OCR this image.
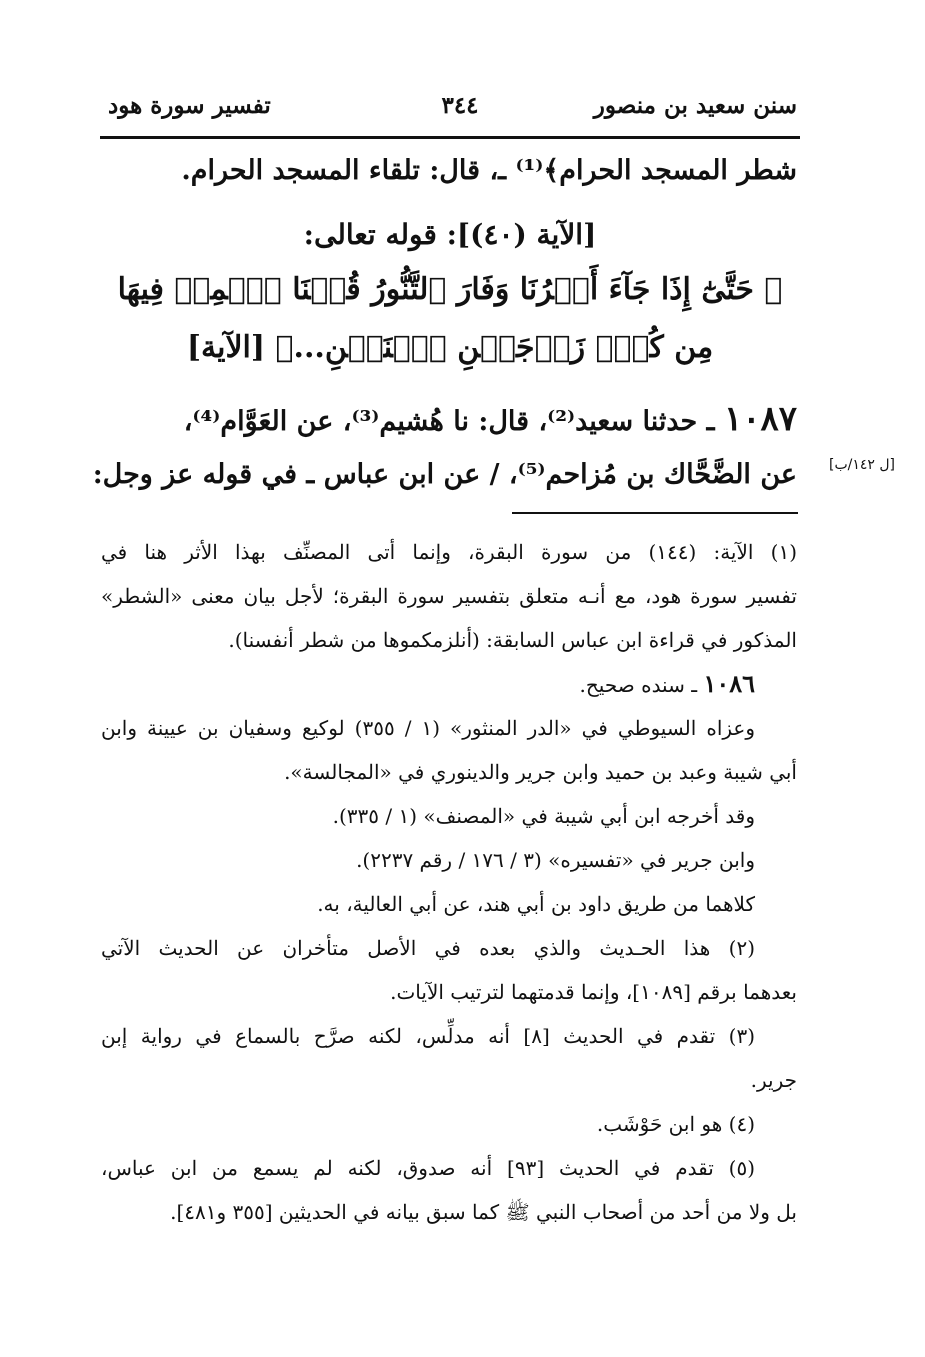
سنن سعيد بن منصور
٣٤٤
تفسير سورة هود
شطر المسجد الحرام﴾⁽¹⁾ ـ، قال: تلقاء المسجد الحرام.
[الآية (٤٠)]: قوله تعالى:
﴿ حَتَّىٰٓ إِذَا جَآءَ أَمۡرُنَا وَفَارَ ٱلتَّنُّورُ قُلۡنَا ٱحۡمِلۡ فِيهَا
مِن كُلّٖ زَوۡجَيۡنِ ٱثۡنَيۡنِ...﴾ [الآية]
١٠٨٧ ـ حدثنا سعيد⁽²⁾، قال: نا هُشيم⁽³⁾، عن العَوَّام⁽⁴⁾،
عن الضَّحَّاك بن مُزاحم⁽⁵⁾، / عن ابن عباس ـ في قوله عز وجل:	[ل ١٤٢/ب]
(١) الآية: (١٤٤) من سورة البقرة، وإنما أتى المصنِّف بهذا الأثر هنا في
تفسير سورة هود، مع أنـه متعلق بتفسير سورة البقرة؛ لأجل بيان معنى «الشطر»
المذكور في قراءة ابن عباس السابقة: (أنلزمكموها من شطر أنفسنا).
١٠٨٦ ـ سنده صحيح.
وعزاه السيوطي في «الدر المنثور» (١ / ٣٥٥) لوكيع وسفيان بن عيينة وابن
أبي شيبة وعبد بن حميد وابن جرير والدينوري في «المجالسة».
وقد أخرجه ابن أبي شيبة في «المصنف» (١ / ٣٣٥).
وابن جرير في «تفسيره» (٣ / ١٧٦ / رقم ٢٢٣٧).
كلاهما من طريق داود بن أبي هند، عن أبي العالية، به.
(٢) هذا الحـديث والذي بعده في الأصل متأخران عن الحديث الآتي
بعدهما برقم [١٠٨٩]، وإنما قدمتهما لترتيب الآيات.
(٣) تقدم في الحديث [٨] أنه مدلِّس، لكنه صرَّح بالسماع في رواية إبن
جرير.
(٤) هو ابن حَوْشَب.
(٥) تقدم في الحديث [٩٣] أنه صدوق، لكنه لم يسمع من ابن عباس،
بل ولا من أحد من أصحاب النبي ﷺ كما سبق بيانه في الحديثين [٣٥٥ و٤٨١].
